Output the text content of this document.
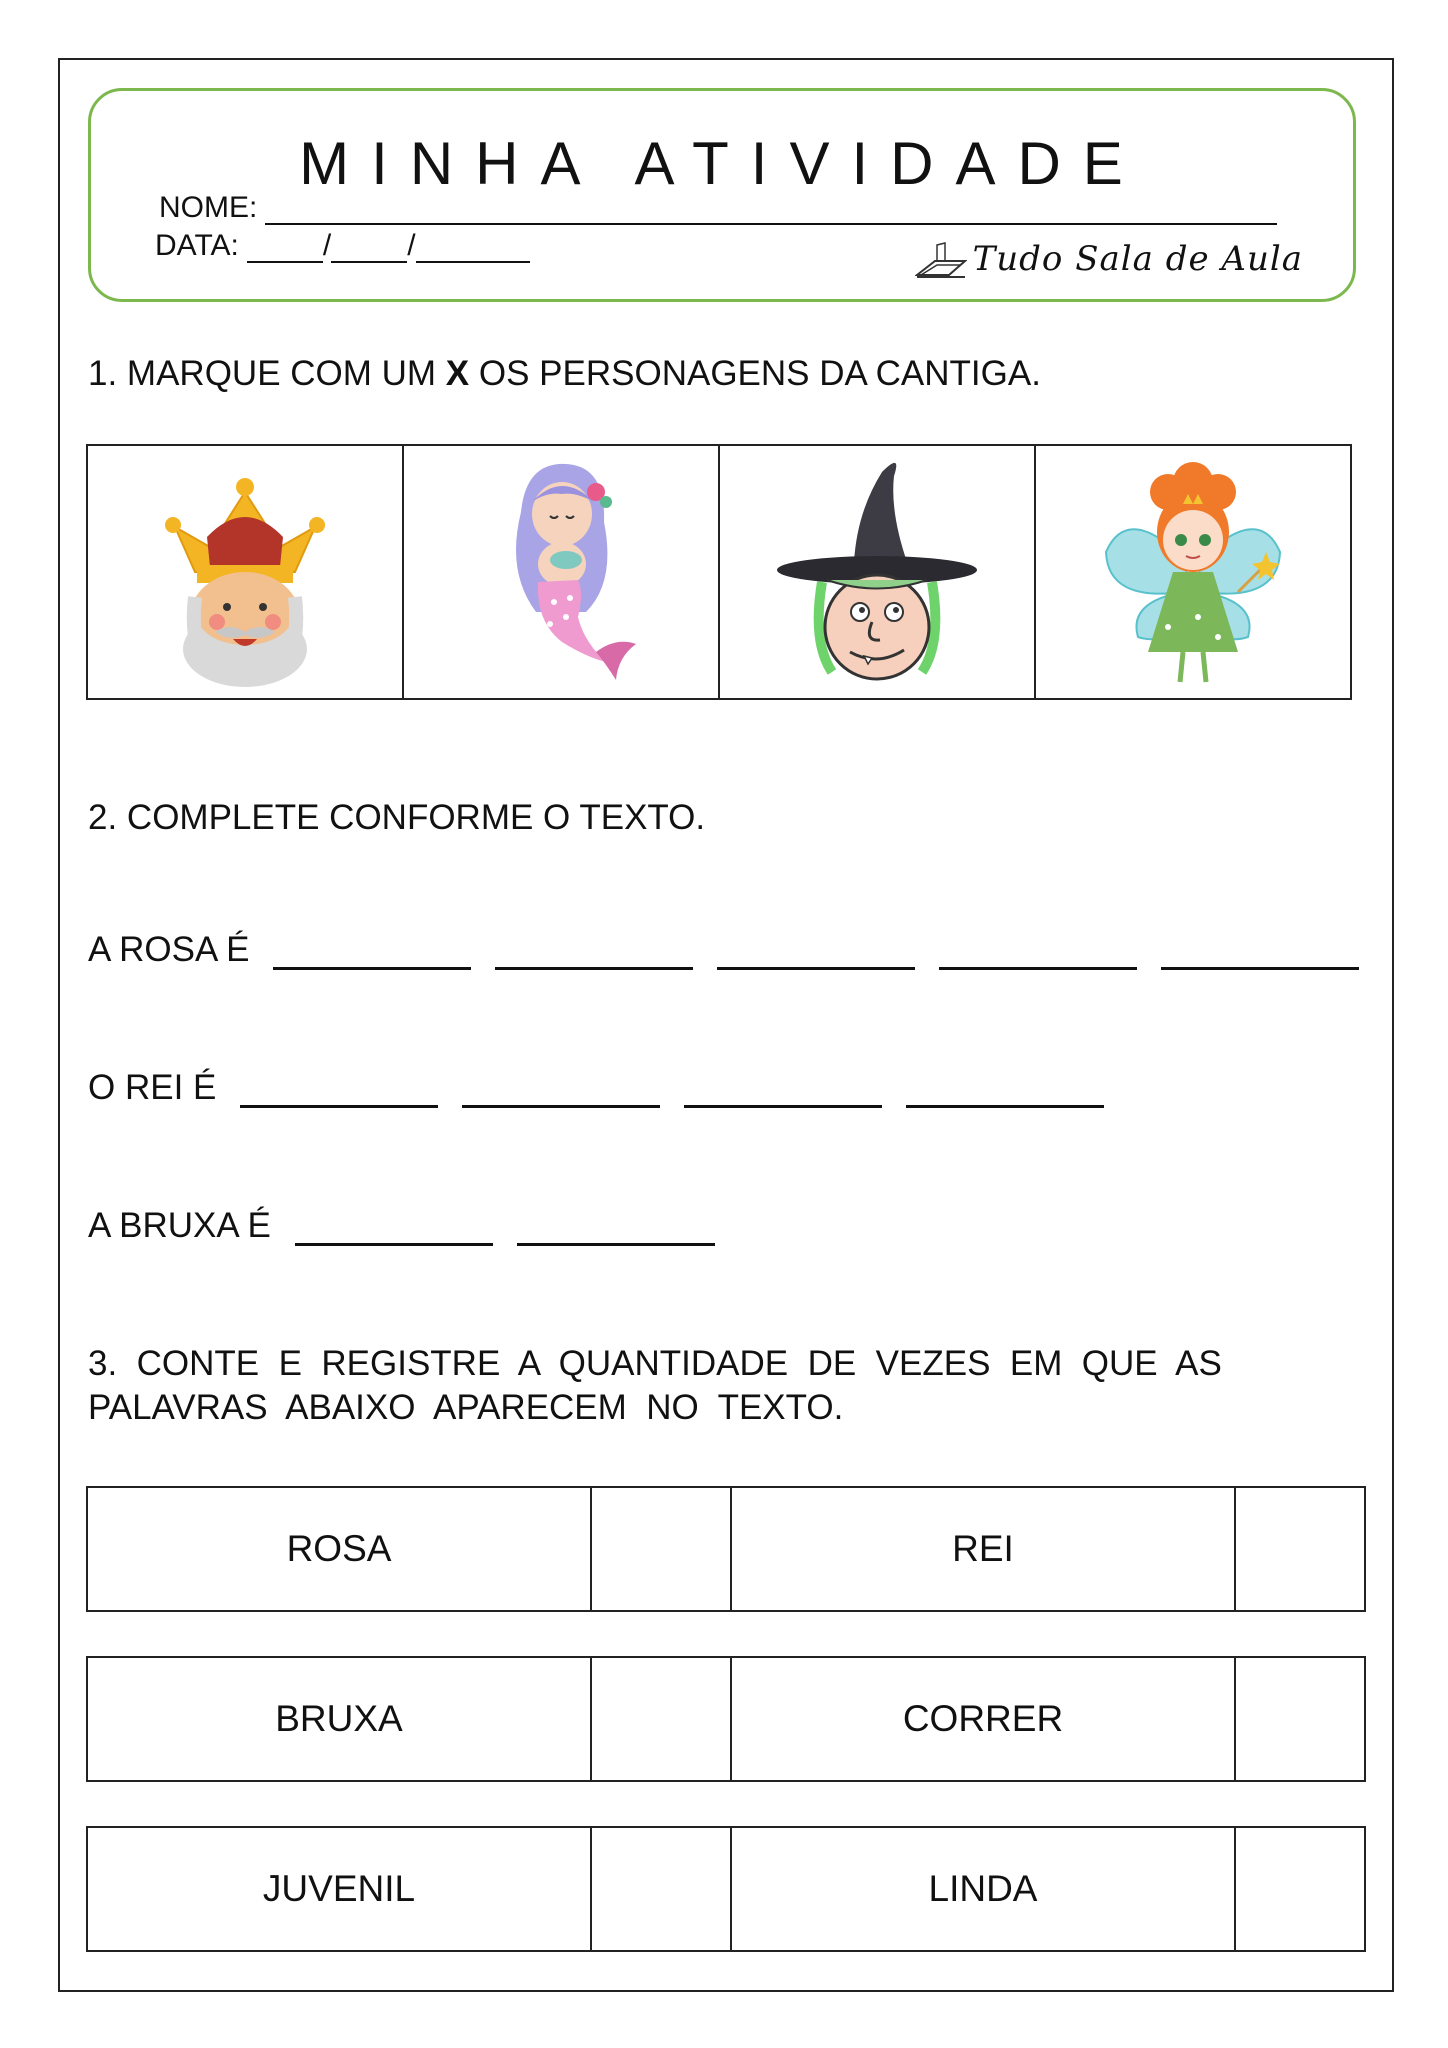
MINHA ATIVIDADE
NOME:
DATA:	/	/	Tudo Sala de Aula
1. MARQUE COM UM X OS PERSONAGENS DA CANTIGA.
2. COMPLETE CONFORME O TEXTO.
A ROSA É
O REI É
A BRUXA É
3.  CONTE  E  REGISTRE  A  QUANTIDADE  DE  VEZES  EM  QUE  AS
PALAVRAS  ABAIXO  APARECEM  NO  TEXTO.
ROSA	REI
BRUXA	CORRER
JUVENIL	LINDA
